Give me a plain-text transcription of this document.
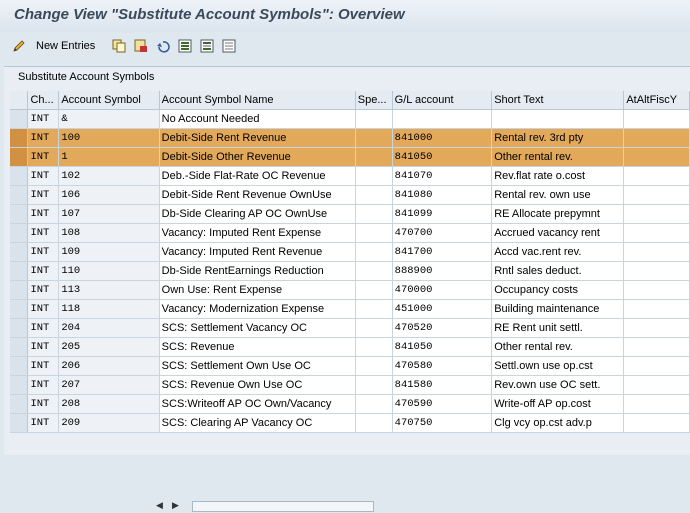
Change View "Substitute Account Symbols": Overview
New Entries
Substitute Account Symbols
	Ch...	Account Symbol	Account Symbol Name	Spe...	G/L account	Short Text	AtAltFiscY
	INT	&	No Account Needed				
	INT	100	Debit-Side Rent Revenue		841000	Rental rev. 3rd pty	
	INT	1	Debit-Side Other Revenue		841050	Other rental rev.	
	INT	102	Deb.-Side Flat-Rate OC Revenue		841070	Rev.flat rate o.cost	
	INT	106	Debit-Side Rent Revenue OwnUse		841080	Rental rev. own use	
	INT	107	Db-Side Clearing AP OC OwnUse		841099	RE Allocate prepymnt	
	INT	108	Vacancy: Imputed Rent Expense		470700	Accrued vacancy rent	
	INT	109	Vacancy: Imputed Rent Revenue		841700	Accd vac.rent rev.	
	INT	110	Db-Side RentEarnings Reduction		888900	Rntl sales deduct.	
	INT	113	Own Use: Rent Expense		470000	Occupancy costs	
	INT	118	Vacancy: Modernization Expense		451000	Building maintenance	
	INT	204	SCS: Settlement Vacancy OC		470520	RE Rent unit settl.	
	INT	205	SCS: Revenue		841050	Other rental rev.	
	INT	206	SCS: Settlement Own Use OC		470580	Settl.own use op.cst	
	INT	207	SCS: Revenue Own Use OC		841580	Rev.own use OC sett.	
	INT	208	SCS:Writeoff AP OC Own/Vacancy		470590	Write-off AP op.cost	
	INT	209	SCS: Clearing AP Vacancy OC		470750	Clg vcy op.cst adv.p	
◀ ▶
